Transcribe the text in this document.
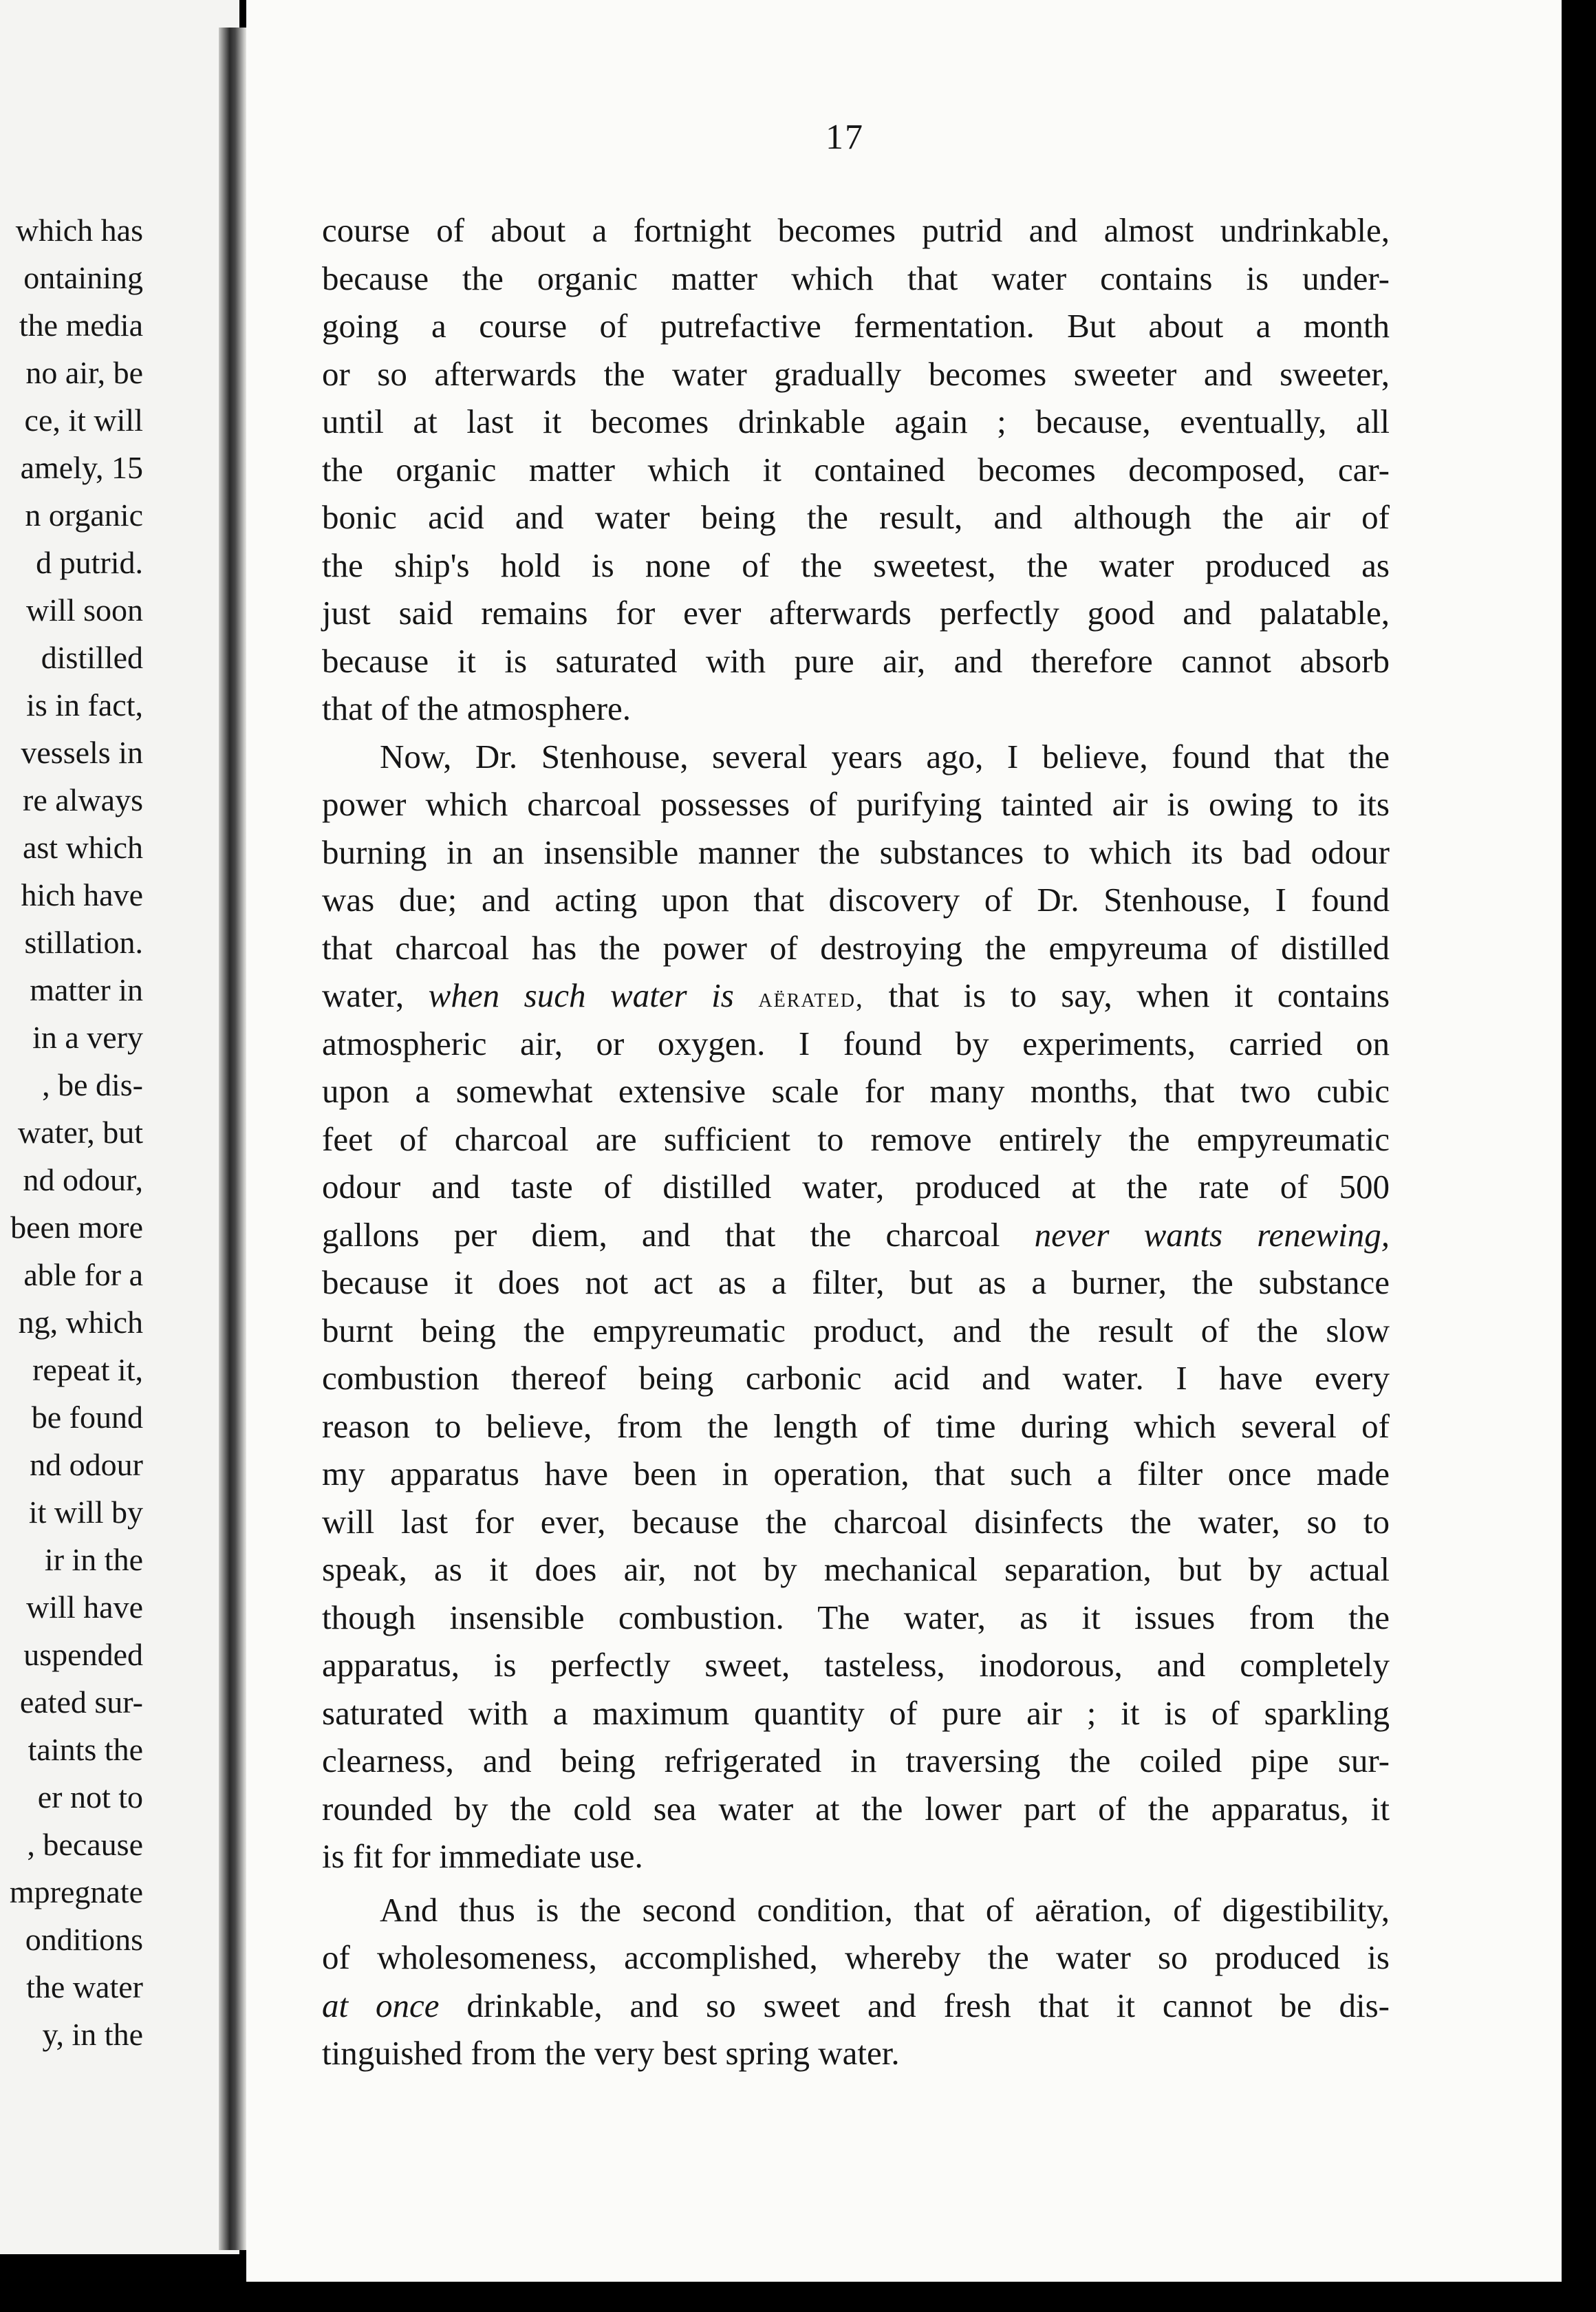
which has
ontaining
the media
no air, be
ce, it will
amely, 15
n organic
d putrid.
will soon
distilled
is in fact,
vessels in
re always
ast which
hich have
stillation.
matter in
in a very
, be dis-
water, but
nd odour,
been more
able for a
ng, which
repeat it,
be found
nd odour
it will by
ir in the
will have
uspended
eated sur-
taints the
er not to
, because
mpregnate
onditions
the water
y, in the
17
course of about a fortnight becomes putrid and almost undrinkable,
because the organic matter which that water contains is under-
going a course of putrefactive fermentation. But about a month
or so afterwards the water gradually becomes sweeter and sweeter,
until at last it becomes drinkable again ; because, eventually, all
the organic matter which it contained becomes decomposed, car-
bonic acid and water being the result, and although the air of
the ship's hold is none of the sweetest, the water produced as
just said remains for ever afterwards perfectly good and palatable,
because it is saturated with pure air, and therefore cannot absorb
that of the atmosphere.
Now, Dr. Stenhouse, several years ago, I believe, found that the
power which charcoal possesses of purifying tainted air is owing to its
burning in an insensible manner the substances to which its bad odour
was due; and acting upon that discovery of Dr. Stenhouse, I found
that charcoal has the power of destroying the empyreuma of distilled
water, when such water is aërated, that is to say, when it contains
atmospheric air, or oxygen. I found by experiments, carried on
upon a somewhat extensive scale for many months, that two cubic
feet of charcoal are sufficient to remove entirely the empyreumatic
odour and taste of distilled water, produced at the rate of 500
gallons per diem, and that the charcoal never wants renewing,
because it does not act as a filter, but as a burner, the substance
burnt being the empyreumatic product, and the result of the slow
combustion thereof being carbonic acid and water. I have every
reason to believe, from the length of time during which several of
my apparatus have been in operation, that such a filter once made
will last for ever, because the charcoal disinfects the water, so to
speak, as it does air, not by mechanical separation, but by actual
though insensible combustion. The water, as it issues from the
apparatus, is perfectly sweet, tasteless, inodorous, and completely
saturated with a maximum quantity of pure air ; it is of sparkling
clearness, and being refrigerated in traversing the coiled pipe sur-
rounded by the cold sea water at the lower part of the apparatus, it
is fit for immediate use.
And thus is the second condition, that of aëration, of digestibility,
of wholesomeness, accomplished, whereby the water so produced is
at once drinkable, and so sweet and fresh that it cannot be dis-
tinguished from the very best spring water.
